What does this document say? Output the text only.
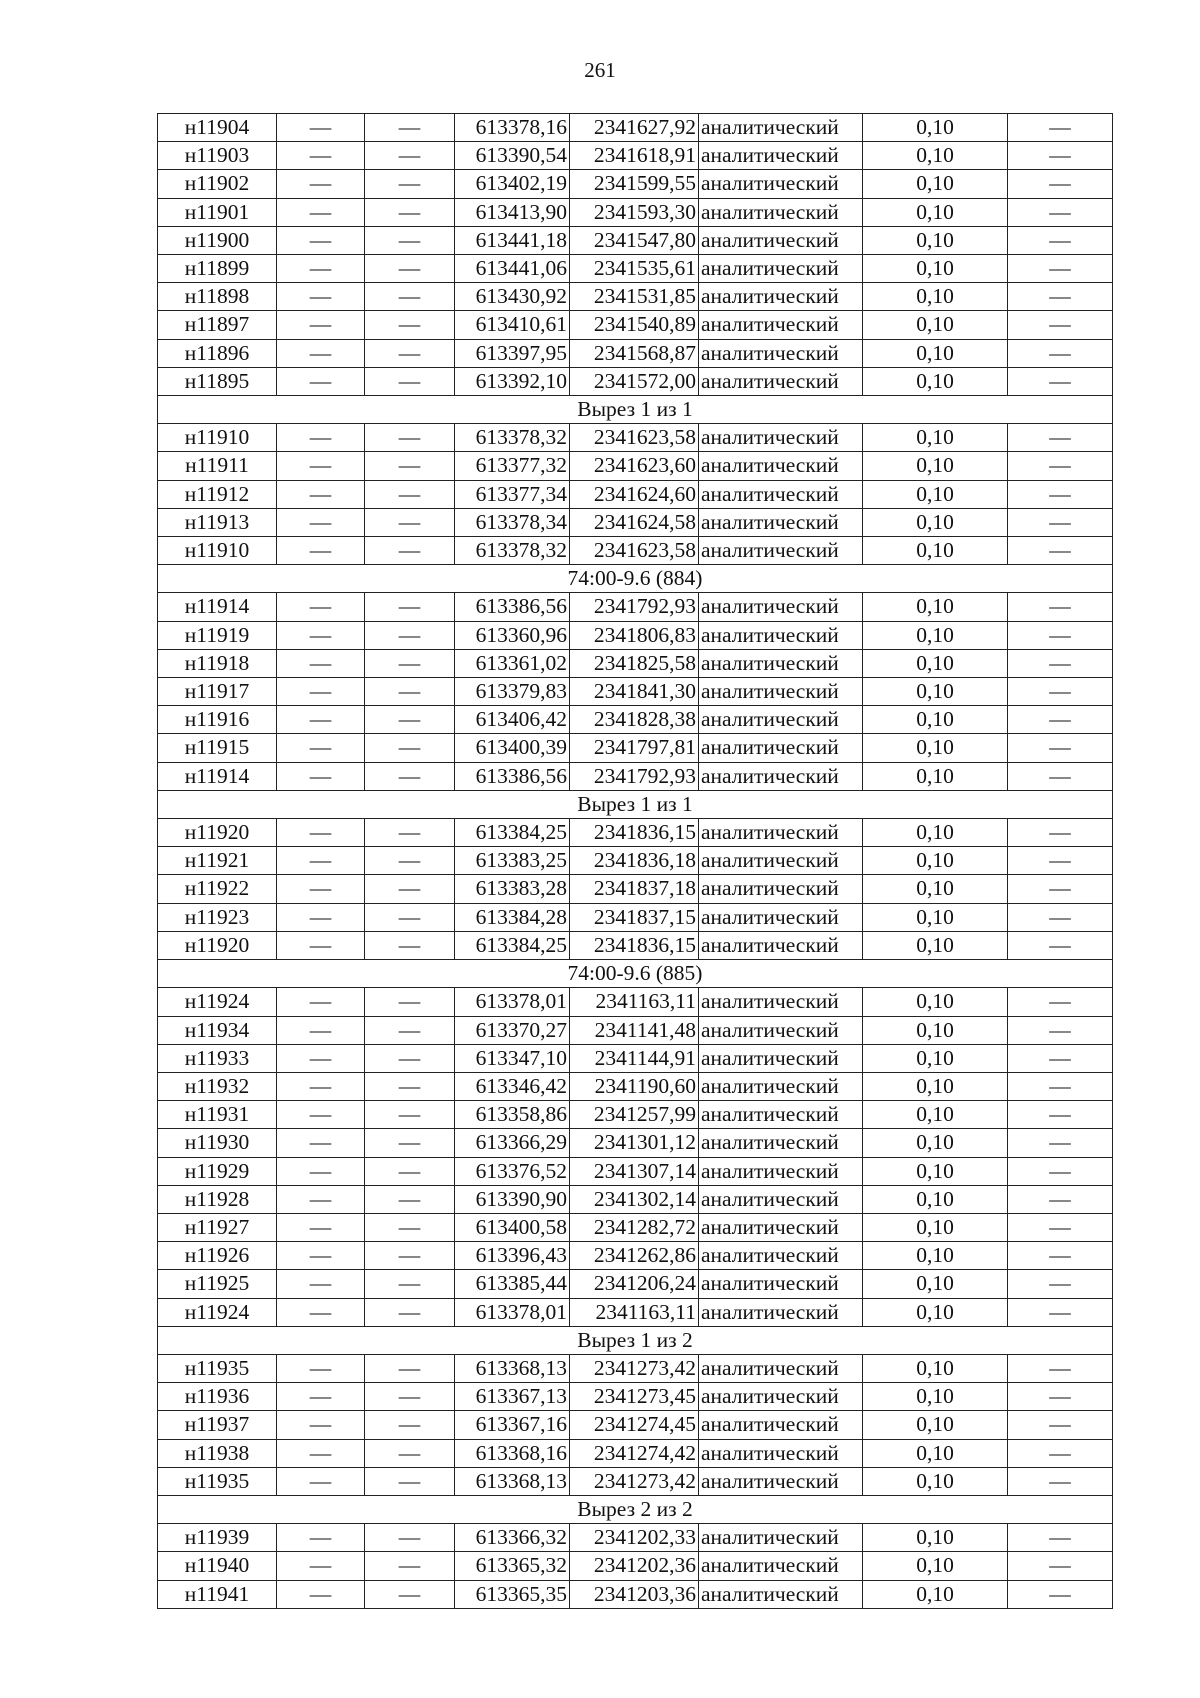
261
н11904	—	—	613378,16	2341627,92	аналитический	0,10	—
н11903	—	—	613390,54	2341618,91	аналитический	0,10	—
н11902	—	—	613402,19	2341599,55	аналитический	0,10	—
н11901	—	—	613413,90	2341593,30	аналитический	0,10	—
н11900	—	—	613441,18	2341547,80	аналитический	0,10	—
н11899	—	—	613441,06	2341535,61	аналитический	0,10	—
н11898	—	—	613430,92	2341531,85	аналитический	0,10	—
н11897	—	—	613410,61	2341540,89	аналитический	0,10	—
н11896	—	—	613397,95	2341568,87	аналитический	0,10	—
н11895	—	—	613392,10	2341572,00	аналитический	0,10	—
Вырез 1 из 1							
н11910	—	—	613378,32	2341623,58	аналитический	0,10	—
н11911	—	—	613377,32	2341623,60	аналитический	0,10	—
н11912	—	—	613377,34	2341624,60	аналитический	0,10	—
н11913	—	—	613378,34	2341624,58	аналитический	0,10	—
н11910	—	—	613378,32	2341623,58	аналитический	0,10	—
74:00-9.6 (884)							
н11914	—	—	613386,56	2341792,93	аналитический	0,10	—
н11919	—	—	613360,96	2341806,83	аналитический	0,10	—
н11918	—	—	613361,02	2341825,58	аналитический	0,10	—
н11917	—	—	613379,83	2341841,30	аналитический	0,10	—
н11916	—	—	613406,42	2341828,38	аналитический	0,10	—
н11915	—	—	613400,39	2341797,81	аналитический	0,10	—
н11914	—	—	613386,56	2341792,93	аналитический	0,10	—
Вырез 1 из 1							
н11920	—	—	613384,25	2341836,15	аналитический	0,10	—
н11921	—	—	613383,25	2341836,18	аналитический	0,10	—
н11922	—	—	613383,28	2341837,18	аналитический	0,10	—
н11923	—	—	613384,28	2341837,15	аналитический	0,10	—
н11920	—	—	613384,25	2341836,15	аналитический	0,10	—
74:00-9.6 (885)							
н11924	—	—	613378,01	2341163,11	аналитический	0,10	—
н11934	—	—	613370,27	2341141,48	аналитический	0,10	—
н11933	—	—	613347,10	2341144,91	аналитический	0,10	—
н11932	—	—	613346,42	2341190,60	аналитический	0,10	—
н11931	—	—	613358,86	2341257,99	аналитический	0,10	—
н11930	—	—	613366,29	2341301,12	аналитический	0,10	—
н11929	—	—	613376,52	2341307,14	аналитический	0,10	—
н11928	—	—	613390,90	2341302,14	аналитический	0,10	—
н11927	—	—	613400,58	2341282,72	аналитический	0,10	—
н11926	—	—	613396,43	2341262,86	аналитический	0,10	—
н11925	—	—	613385,44	2341206,24	аналитический	0,10	—
н11924	—	—	613378,01	2341163,11	аналитический	0,10	—
Вырез 1 из 2							
н11935	—	—	613368,13	2341273,42	аналитический	0,10	—
н11936	—	—	613367,13	2341273,45	аналитический	0,10	—
н11937	—	—	613367,16	2341274,45	аналитический	0,10	—
н11938	—	—	613368,16	2341274,42	аналитический	0,10	—
н11935	—	—	613368,13	2341273,42	аналитический	0,10	—
Вырез 2 из 2							
н11939	—	—	613366,32	2341202,33	аналитический	0,10	—
н11940	—	—	613365,32	2341202,36	аналитический	0,10	—
н11941	—	—	613365,35	2341203,36	аналитический	0,10	—
